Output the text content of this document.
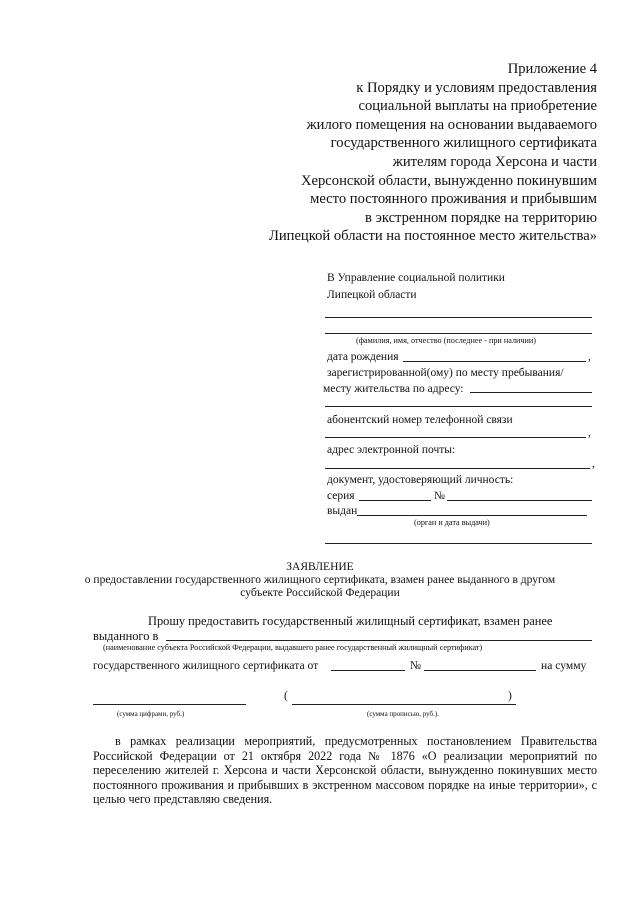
Приложение 4
к Порядку и условиям предоставления
социальной выплаты на приобретение
жилого помещения на основании выдаваемого
государственного жилищного сертификата
жителям города Херсона и части
Херсонской области, вынужденно покинувшим
место постоянного проживания и прибывшим
в экстренном порядке на территорию
Липецкой области на постоянное место жительства»
В Управление социальной политики
Липецкой области
(фамилия, имя, отчество (последнее - при наличии)
дата рождения	,
зарегистрированной(ому) по месту пребывания/
месту жительства по адресу:
абонентский номер телефонной связи
,
адрес электронной почты:
,
документ, удостоверяющий личность:
серия	№
выдан
(орган и дата выдачи)
ЗАЯВЛЕНИЕ
о предоставлении государственного жилищного сертификата, взамен ранее выданного в другом
субъекте Российской Федерации
Прошу предоставить государственный жилищный сертификат, взамен ранее
выданного в
(наименование субъекта Российской Федерации, выдавшего ранее государственный жилищный сертификат)
государственного жилищного сертификата от	№	на сумму
(	)
(сумма цифрами, руб.)	(сумма прописью, руб.).
в рамках реализации мероприятий, предусмотренных постановлением Правительства Российской Федерации от 21 октября 2022 года № 1876 «О реализации мероприятий по переселению жителей г. Херсона и части Херсонской области, вынужденно покинувших место постоянного проживания и прибывших в экстренном массовом порядке на иные территории», с целью чего представляю сведения.
